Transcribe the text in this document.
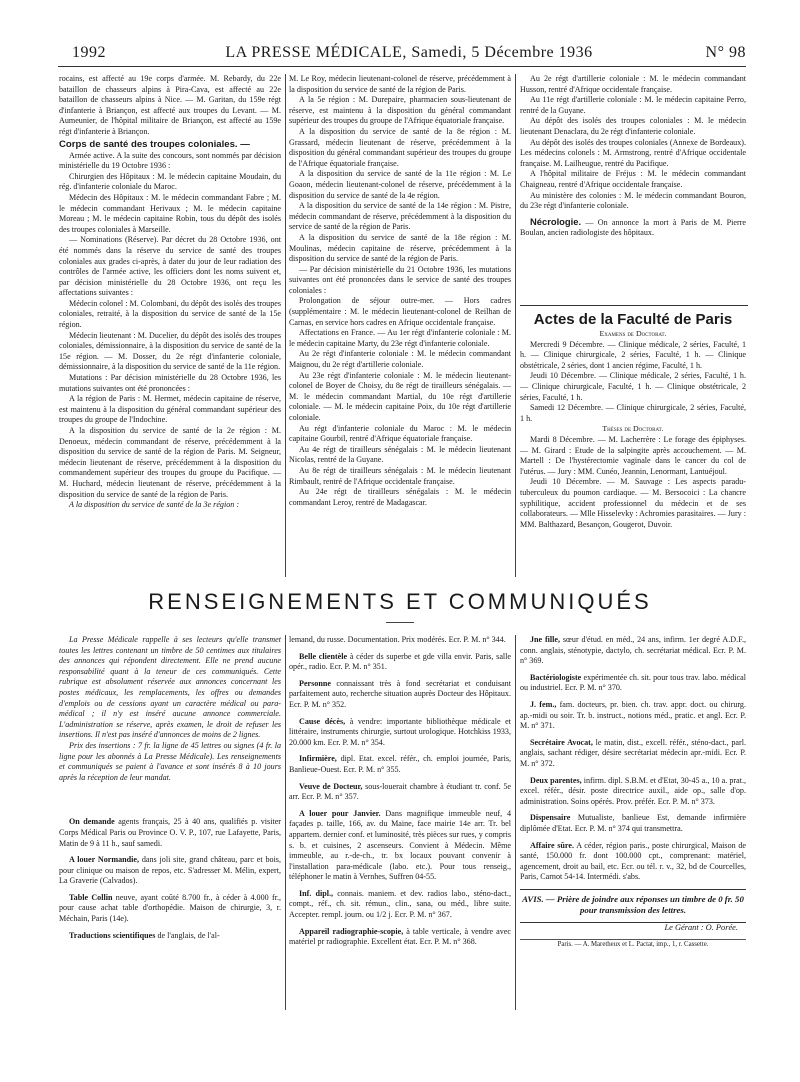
1992	LA PRESSE MÉDICALE, Samedi, 5 Décembre 1936	N° 98

rocains, est affecté au 19e corps d'armée. M. Rebardy, du 22e bataillon de chasseurs alpins à Pira-Cava, est affecté au 22e bataillon de chasseurs alpins à Nice. — M. Garitan, du 159e régt d'infanterie à Briançon, est affecté aux troupes du Levant. — M. Aumeunier, de l'hôpital militaire de Briançon, est affecté au 159e régt d'infanterie à Briançon.

Corps de santé des troupes coloniales. —

Armée active. A la suite des concours, sont nommés par décision ministérielle du 19 Octobre 1936 :

Chirurgien des Hôpitaux : M. le médecin capitaine Moudain, du rég. d'infanterie coloniale du Maroc.

Médecin des Hôpitaux : M. le médecin commandant Fabre ; M. le médecin commandant Herivaux ; M. le médecin capitaine Moreau ; M. le médecin capitaine Robin, tous du dépôt des isolés des troupes coloniales à Marseille.

— Nominations (Réserve). Par décret du 28 Octobre 1936, ont été nommés dans la réserve du service de santé des troupes coloniales aux grades ci-après, à dater du jour de leur radiation des contrôles de l'armée active, les officiers dont les noms suivent et, par décision ministérielle du 28 Octobre 1936, ont reçu les affectations suivantes :

Médecin colonel : M. Colombani, du dépôt des isolés des troupes coloniales, retraité, à la disposition du service de santé de la 15e région.

Médecin lieutenant : M. Ducelier, du dépôt des isolés des troupes coloniales, démissionnaire, à la disposition du service de santé de la 15e région. — M. Dosser, du 2e régt d'infanterie coloniale, démissionnaire, à la disposition du service de santé de la 11e région.

Mutations : Par décision ministérielle du 28 Octobre 1936, les mutations suivantes ont été prononcées :

A la région de Paris : M. Hermet, médecin capitaine de réserve, est maintenu à la disposition du général commandant supérieur des troupes du groupe de l'Indochine.

A la disposition du service de santé de la 2e région : M. Denoeux, médecin commandant de réserve, précédemment à la disposition du service de santé de la région de Paris. M. Seigneur, médecin lieutenant de réserve, précédemment à la disposition du commandement supérieur des troupes du groupe du Pacifique. — M. Huchard, médecin lieutenant de réserve, précédemment à la disposition du service de santé de la région de Paris.

A la disposition du service de santé de la 3e région :

M. Le Roy, médecin lieutenant-colonel de réserve, précédemment à la disposition du service de santé de la région de Paris.

A la 5e région : M. Durepaire, pharmacien sous-lieutenant de réserve, est maintenu à la disposition du général commandant supérieur des troupes du groupe de l'Afrique équatoriale française.

A la disposition du service de santé de la 8e région : M. Grassard, médecin lieutenant de réserve, précédemment à la disposition du général commandant supérieur des troupes du groupe de l'Afrique équatoriale française.

A la disposition du service de santé de la 11e région : M. Le Goaon, médecin lieutenant-colonel de réserve, précédemment à la disposition du service de santé de la 4e région.

A la disposition du service de santé de la 14e région : M. Pistre, médecin commandant de réserve, précédemment à la disposition du service de santé de la région de Paris.

A la disposition du service de santé de la 18e région : M. Moulinas, médecin capitaine de réserve, précédemment à la disposition du service de santé de la région de Paris.

— Par décision ministérielle du 21 Octobre 1936, les mutations suivantes ont été prononcées dans le service de santé des troupes coloniales :

Prolongation de séjour outre-mer. — Hors cadres (supplémentaire : M. le médecin lieutenant-colonel de Reilhan de Carnas, en service hors cadres en Afrique occidentale française.

Affectations en France. — Au 1er régt d'infanterie coloniale : M. le médecin capitaine Marty, du 23e régt d'infanterie coloniale.

Au 2e régt d'infanterie coloniale : M. le médecin commandant Maignou, du 2e régt d'artillerie coloniale.

Au 23e régt d'infanterie coloniale : M. le médecin lieutenant-colonel de Boyer de Choisy, du 8e régt de tirailleurs sénégalais. — M. le médecin commandant Martial, du 10e régt d'artillerie coloniale. — M. le médecin capitaine Poix, du 10e régt d'artillerie coloniale.

Au régt d'infanterie coloniale du Maroc : M. le médecin capitaine Gourbil, rentré d'Afrique équatoriale française.

Au 4e régt de tirailleurs sénégalais : M. le médecin lieutenant Nicolas, rentré de la Guyane.

Au 8e régt de tirailleurs sénégalais : M. le médecin lieutenant Rimbault, rentré de l'Afrique occidentale française.

Au 24e régt de tirailleurs sénégalais : M. le médecin commandant Leroy, rentré de Madagascar.

Au 2e régt d'artillerie coloniale : M. le médecin commandant Husson, rentré d'Afrique occidentale française.

Au 11e régt d'artillerie coloniale : M. le médecin capitaine Perro, rentré de la Guyane.

Au dépôt des isolés des troupes coloniales : M. le médecin lieutenant Denaclara, du 2e régt d'infanterie coloniale.

Au dépôt des isolés des troupes coloniales (Annexe de Bordeaux). Les médecins colonels : M. Armstrong, rentré d'Afrique occidentale française. M. Lailheugue, rentré du Pacifique.

A l'hôpital militaire de Fréjus : M. le médecin commandant Chaigneau, rentré d'Afrique occidentale française.

Au ministère des colonies : M. le médecin commandant Bouron, du 23e régt d'infanterie coloniale.

Nécrologie. — On annonce la mort à Paris de M. Pierre Boulan, ancien radiologiste des hôpitaux.

Actes de la Faculté de Paris

Examens de Doctorat.

Mercredi 9 Décembre. — Clinique médicale, 2 séries, Faculté, 1 h. — Clinique chirurgicale, 2 séries, Faculté, 1 h. — Clinique obstétricale, 2 séries, dont 1 ancien régime, Faculté, 1 h.

Jeudi 10 Décembre. — Clinique médicale, 2 séries, Faculté, 1 h. — Clinique chirurgicale, Faculté, 1 h. — Clinique obstétricale, 2 séries, Faculté, 1 h.

Samedi 12 Décembre. — Clinique chirurgicale, 2 séries, Faculté, 1 h.

Thèses de Doctorat.

Mardi 8 Décembre. — M. Lacherrère : Le forage des épiphyses. — M. Girard : Etude de la salpingite après accouchement. — M. Martell : De l'hystérectomie vaginale dans le cancer du col de l'utérus. — Jury : MM. Cunéo, Jeannin, Lenormant, Lantuéjoul.

Jeudi 10 Décembre. — M. Sauvage : Les aspects paradu-tuberculeux du poumon cardiaque. — M. Bersocoici : La chancre syphilitique, accident professionnel du médecin et de ses collaborateurs. — Mlle Hisselevky : Achromies parasitaires. — Jury : MM. Balthazard, Besançon, Gougerot, Duvoir.

RENSEIGNEMENTS ET COMMUNIQUÉS

La Presse Médicale rappelle à ses lecteurs qu'elle transmet toutes les lettres contenant un timbre de 50 centimes aux titulaires des annonces qui répondent directement. Elle ne prend aucune responsabilité quant à la teneur de ces communiqués. Cette rubrique est absolument réservée aux annonces concernant les postes médicaux, les remplacements, les offres ou demandes d'emplois ou de cessions ayant un caractère médical ou para-médical ; il n'y est inséré aucune annonce commerciale. L'administration se réserve, après examen, le droit de refuser les insertions. Il n'est pas inséré d'annonces de moins de 2 lignes.

Prix des insertions : 7 fr. la ligne de 45 lettres ou signes (4 fr. la ligne pour les abonnés à La Presse Médicale). Les renseignements et communiqués se paient à l'avance et sont insérés 8 à 10 jours après la réception de leur mandat.

On demande agents français, 25 à 40 ans, qualifiés p. visiter Corps Médical Paris ou Province O. V. P., 107, rue Lafayette, Paris, Matin de 9 à 11 h., sauf samedi.

A louer Normandie, dans joli site, grand château, parc et bois, pour clinique ou maison de repos, etc. S'adresser M. Mélin, expert, La Graverie (Calvados).

Table Collin neuve, ayant coûté 8.700 fr., à céder à 4.000 fr., pour cause achat table d'orthopédie. Maison de chirurgie, 3, r. Méchain, Paris (14e).

Traductions scientifiques de l'anglais, de l'al-

lemand, du russe. Documentation. Prix modérés. Ecr. P. M. n° 344.

Belle clientèle à céder ds superbe et gde villa envir. Paris, salle opér., radio. Ecr. P. M. n° 351.

Personne connaissant très à fond secrétariat et conduisant parfaitement auto, recherche situation auprès Docteur des Hôpitaux. Ecr. P. M. n° 352.

Cause décès, à vendre: importante bibliothèque médicale et littéraire, instruments chirurgie, surtout urologique. Hotchkiss 1933, 20.000 km. Ecr. P. M. n° 354.

Infirmière, dipl. Etat. excel. référ., ch. emploi journée, Paris, Banlieue-Ouest. Ecr. P. M. n° 355.

Veuve de Docteur, sous-louerait chambre à étudiant tr. conf. 5e arr. Ecr. P. M. n° 357.

A louer pour Janvier. Dans magnifique immeuble neuf, 4 façades p. taille, 166, av. du Maine, face mairie 14e arr. Tr. bel appartem. dernier conf. et luminosité, très pièces sur rues, y compris s. b. et cuisines, 2 ascenseurs. Convient à Médecin. Même immeuble, au r.-de-ch., tr. bx locaux pouvant convenir à l'installation para-médicale (labo. etc.). Pour tous renseig., téléphoner le matin à Vernhes, Suffren 04-55.

Inf. dipl., connais. maniem. et dev. radios labo., sténo-dact., compt., réf., ch. sit. rémun., clin., sana, ou méd., libre suite. Accepter. rempl. journ. ou 1/2 j. Ecr. P. M. n° 367.

Appareil radiographie-scopie, à table verticale, à vendre avec matériel pr radiographie. Excellent état. Ecr. P. M. n° 368.

Jne fille, sœur d'étud. en méd., 24 ans, infirm. 1er degré A.D.F., conn. anglais, sténotypie, dactylo, ch. secrétariat médical. Ecr. P. M. n° 369.

Bactériologiste expérimentée ch. sit. pour tous trav. labo. médical ou industriel. Ecr. P. M. n° 370.

J. fem., fam. docteurs, pr. bien. ch. trav. appr. doct. ou chirurg. ap.-midi ou soir. Tr. b. instruct., notions méd., pratic. et angl. Ecr. P. M. n° 371.

Secrétaire Avocat, le matin, dist., excell. référ., sténo-dact., parl. anglais, sachant rédiger, désire secrétariat médecin apr.-midi. Ecr. P. M. n° 372.

Deux parentes, infirm. dipl. S.B.M. et d'Etat, 30-45 a., 10 a. prat., excel. référ., désir. poste directrice auxil., aide op., salle d'op. administration. Soins opérés. Prov. préfér. Ecr. P. M. n° 373.

Dispensaire Mutualiste, banlieue Est, demande infirmière diplômée d'Etat. Ecr. P. M. n° 374 qui transmettra.

Affaire sûre. A céder, région paris., poste chirurgical, Maison de santé, 150.000 fr. dont 100.000 cpt., comprenant: matériel, agencement, droit au bail, etc. Ecr. ou tél. r. v., 32, bd de Courcelles, Paris, Carnot 54-14. Intermédi. s'abs.

AVIS. — Prière de joindre aux réponses un timbre de 0 fr. 50 pour transmission des lettres.

Le Gérant : O. Porée.

Paris. — A. Maretheux et L. Pactat, imp., 1, r. Cassette.
